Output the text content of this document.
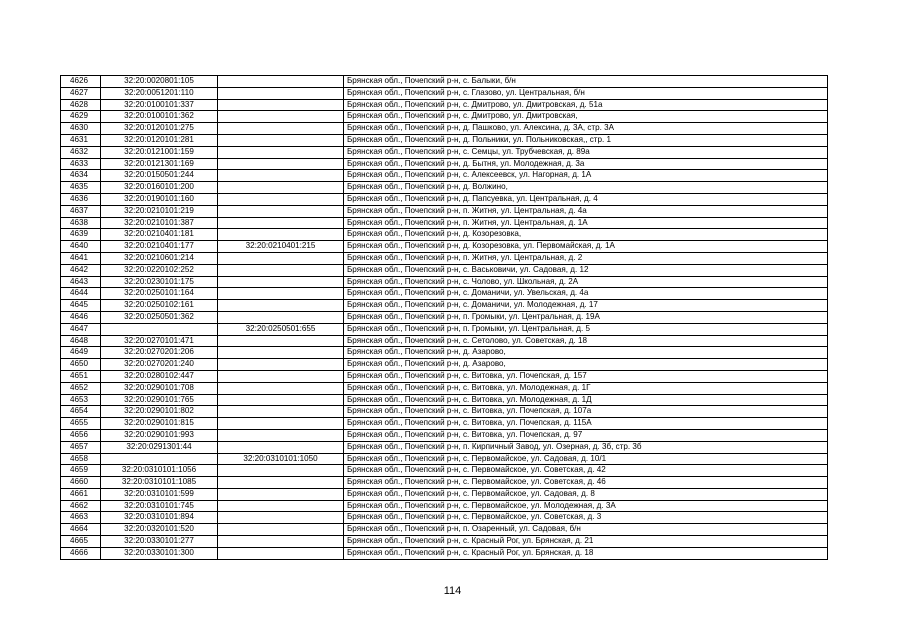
4626	32:20:0020801:105		Брянская обл., Почепский р-н, с. Балыки, б/н
4627	32:20:0051201:110		Брянская обл., Почепский р-н, с. Глазово, ул. Центральная, б/н
4628	32:20:0100101:337		Брянская обл., Почепский р-н, с. Дмитрово, ул. Дмитровская, д. 51а
4629	32:20:0100101:362		Брянская обл., Почепский р-н, с. Дмитрово, ул. Дмитровская,
4630	32:20:0120101:275		Брянская обл., Почепский р-н, д. Пашково, ул. Алексина, д. 3А, стр. 3А
4631	32:20:0120101:281		Брянская обл., Почепский р-н, д. Польники, ул. Польниковская,, стр. 1
4632	32:20:0121001:159		Брянская обл., Почепский р-н, с. Семцы, ул. Трубчевская, д. 89а
4633	32:20:0121301:169		Брянская обл., Почепский р-н, д. Бытня, ул. Молодежная, д. 3а
4634	32:20:0150501:244		Брянская обл., Почепский р-н, с. Алексеевск, ул. Нагорная, д. 1А
4635	32:20:0160101:200		Брянская обл., Почепский р-н, д. Волжино,
4636	32:20:0190101:160		Брянская обл., Почепский р-н, д. Папсуевка, ул. Центральная, д. 4
4637	32:20:0210101:219		Брянская обл., Почепский р-н, п. Житня, ул. Центральная, д. 4а
4638	32:20:0210101:387		Брянская обл., Почепский р-н, п. Житня, ул. Центральная, д. 1А
4639	32:20:0210401:181		Брянская обл., Почепский р-н, д. Козорезовка,
4640	32:20:0210401:177	32:20:0210401:215	Брянская обл., Почепский р-н, д. Козорезовка, ул. Первомайская, д. 1А
4641	32:20:0210601:214		Брянская обл., Почепский р-н, п. Житня, ул. Центральная, д. 2
4642	32:20:0220102:252		Брянская обл., Почепский р-н, с. Васьковичи, ул. Садовая, д. 12
4643	32:20:0230101:175		Брянская обл., Почепский р-н, с. Чолово, ул. Школьная, д. 2А
4644	32:20:0250101:164		Брянская обл., Почепский р-н, с. Доманичи, ул. Увельская, д. 4а
4645	32:20:0250102:161		Брянская обл., Почепский р-н, с. Доманичи, ул. Молодежная, д. 17
4646	32:20:0250501:362		Брянская обл., Почепский р-н, п. Громыки, ул. Центральная, д. 19А
4647		32:20:0250501:655	Брянская обл., Почепский р-н, п. Громыки, ул. Центральная, д. 5
4648	32:20:0270101:471		Брянская обл., Почепский р-н, с. Сетолово, ул. Советская, д. 18
4649	32:20:0270201:206		Брянская обл., Почепский р-н, д. Азарово,
4650	32:20:0270201:240		Брянская обл., Почепский р-н, д. Азарово,
4651	32:20:0280102:447		Брянская обл., Почепский р-н, с. Витовка, ул. Почепская, д. 157
4652	32:20:0290101:708		Брянская обл., Почепский р-н, с. Витовка, ул. Молодежная, д. 1Г
4653	32:20:0290101:765		Брянская обл., Почепский р-н, с. Витовка, ул. Молодежная, д. 1Д
4654	32:20:0290101:802		Брянская обл., Почепский р-н, с. Витовка, ул. Почепская, д. 107а
4655	32:20:0290101:815		Брянская обл., Почепский р-н, с. Витовка, ул. Почепская, д. 115А
4656	32:20:0290101:993		Брянская обл., Почепский р-н, с. Витовка, ул. Почепская, д. 97
4657	32:20:0291301:44		Брянская обл., Почепский р-н, п. Кирпичный Завод, ул. Озерная, д. 3б, стр. 3б
4658		32:20:0310101:1050	Брянская обл., Почепский р-н, с. Первомайское, ул. Садовая, д. 10/1
4659	32:20:0310101:1056		Брянская обл., Почепский р-н, с. Первомайское, ул. Советская, д. 42
4660	32:20:0310101:1085		Брянская обл., Почепский р-н, с. Первомайское, ул. Советская, д. 46
4661	32:20:0310101:599		Брянская обл., Почепский р-н, с. Первомайское, ул. Садовая, д. 8
4662	32:20:0310101:745		Брянская обл., Почепский р-н, с. Первомайское, ул. Молодежная, д. 3А
4663	32:20:0310101:894		Брянская обл., Почепский р-н, с. Первомайское, ул. Советская, д. 3
4664	32:20:0320101:520		Брянская обл., Почепский р-н, п. Озаренный, ул. Садовая, б/н
4665	32:20:0330101:277		Брянская обл., Почепский р-н, с. Красный Рог, ул. Брянская, д. 21
4666	32:20:0330101:300		Брянская обл., Почепский р-н, с. Красный Рог, ул. Брянская, д. 18
114
